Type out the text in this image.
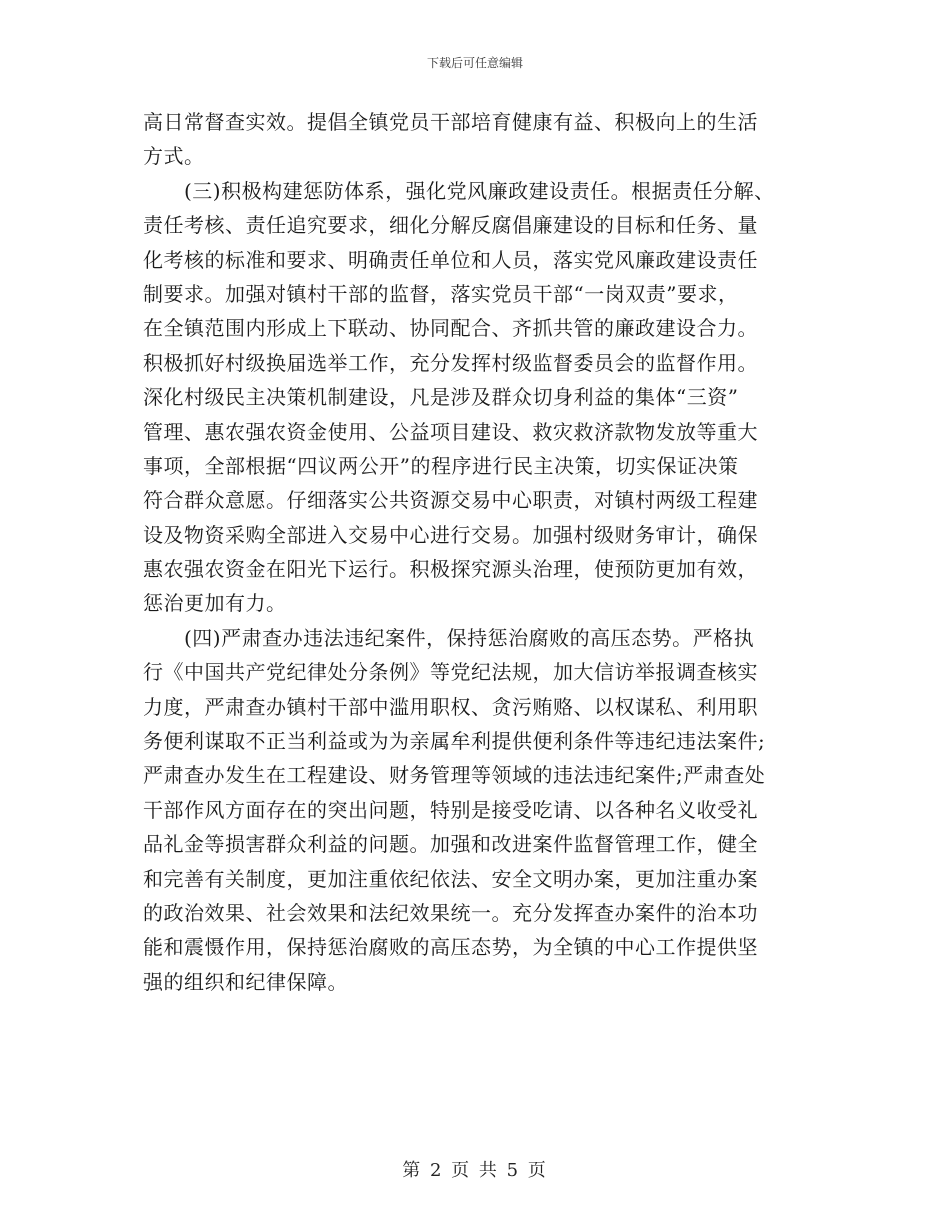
下载后可任意编辑
高日常督查实效。提倡全镇党员干部培育健康有益、积极向上的生活
方式。
　　(三)积极构建惩防体系，强化党风廉政建设责任。根据责任分解、
责任考核、责任追究要求，细化分解反腐倡廉建设的目标和任务、量
化考核的标准和要求、明确责任单位和人员，落实党风廉政建设责任
制要求。加强对镇村干部的监督，落实党员干部“一岗双责”要求，
在全镇范围内形成上下联动、协同配合、齐抓共管的廉政建设合力。
积极抓好村级换届选举工作，充分发挥村级监督委员会的监督作用。
深化村级民主决策机制建设，凡是涉及群众切身利益的集体“三资”
管理、惠农强农资金使用、公益项目建设、救灾救济款物发放等重大
事项，全部根据“四议两公开”的程序进行民主决策，切实保证决策
符合群众意愿。仔细落实公共资源交易中心职责，对镇村两级工程建
设及物资采购全部进入交易中心进行交易。加强村级财务审计，确保
惠农强农资金在阳光下运行。积极探究源头治理，使预防更加有效，
惩治更加有力。
　　(四)严肃查办违法违纪案件，保持惩治腐败的高压态势。严格执
行《中国共产党纪律处分条例》等党纪法规，加大信访举报调查核实
力度，严肃查办镇村干部中滥用职权、贪污贿赂、以权谋私、利用职
务便利谋取不正当利益或为为亲属牟利提供便利条件等违纪违法案件;
严肃查办发生在工程建设、财务管理等领域的违法违纪案件;严肃查处
干部作风方面存在的突出问题，特别是接受吃请、以各种名义收受礼
品礼金等损害群众利益的问题。加强和改进案件监督管理工作，健全
和完善有关制度，更加注重依纪依法、安全文明办案，更加注重办案
的政治效果、社会效果和法纪效果统一。充分发挥查办案件的治本功
能和震慑作用，保持惩治腐败的高压态势，为全镇的中心工作提供坚
强的组织和纪律保障。
第 2 页 共 5 页
